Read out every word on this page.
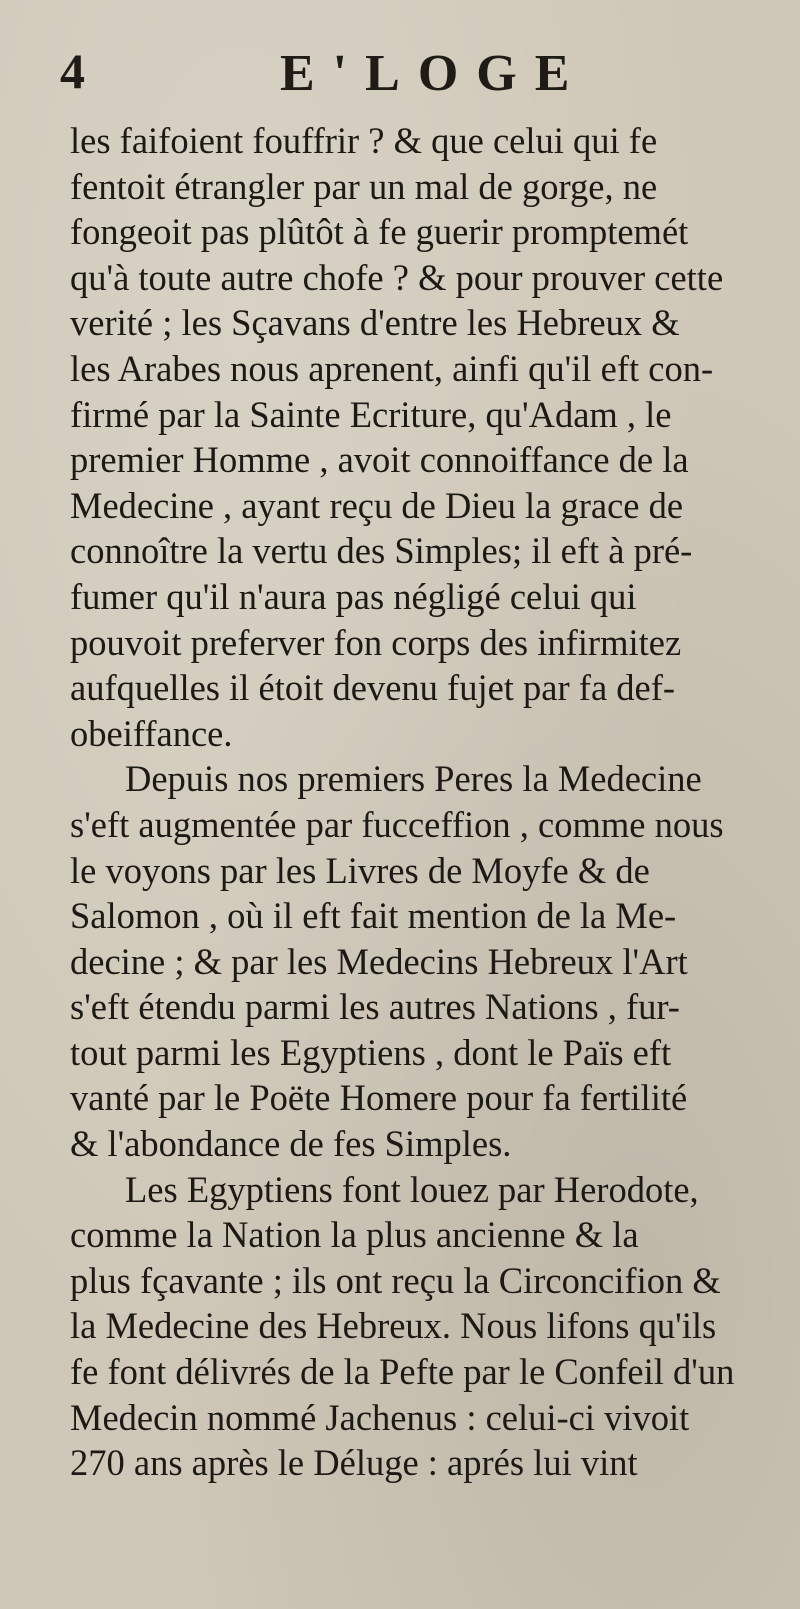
4	E'LOGE
les faifoient fouffrir ? & que celui qui fe
fentoit étrangler par un mal de gorge, ne
fongeoit pas plûtôt à fe guerir promptemét
qu'à toute autre chofe ? & pour prouver cette
verité ; les Sçavans d'entre les Hebreux &
les Arabes nous aprenent, ainfi qu'il eft con-
firmé par la Sainte Ecriture, qu'Adam , le
premier Homme , avoit connoiffance de la
Medecine , ayant reçu de Dieu la grace de
connoître la vertu des Simples; il eft à pré-
fumer qu'il n'aura pas négligé celui qui
pouvoit preferver fon corps des infirmitez
aufquelles il étoit devenu fujet par fa def-
obeiffance.
Depuis nos premiers Peres la Medecine
s'eft augmentée par fucceffion , comme nous
le voyons par les Livres de Moyfe & de
Salomon , où il eft fait mention de la Me-
decine ; & par les Medecins Hebreux l'Art
s'eft étendu parmi les autres Nations , fur-
tout parmi les Egyptiens , dont le Païs eft
vanté par le Poëte Homere pour fa fertilité
& l'abondance de fes Simples.
Les Egyptiens font louez par Herodote,
comme la Nation la plus ancienne & la
plus fçavante ; ils ont reçu la Circoncifion &
la Medecine des Hebreux. Nous lifons qu'ils
fe font délivrés de la Pefte par le Confeil d'un
Medecin nommé Jachenus : celui-ci vivoit
270 ans après le Déluge : aprés lui vint
